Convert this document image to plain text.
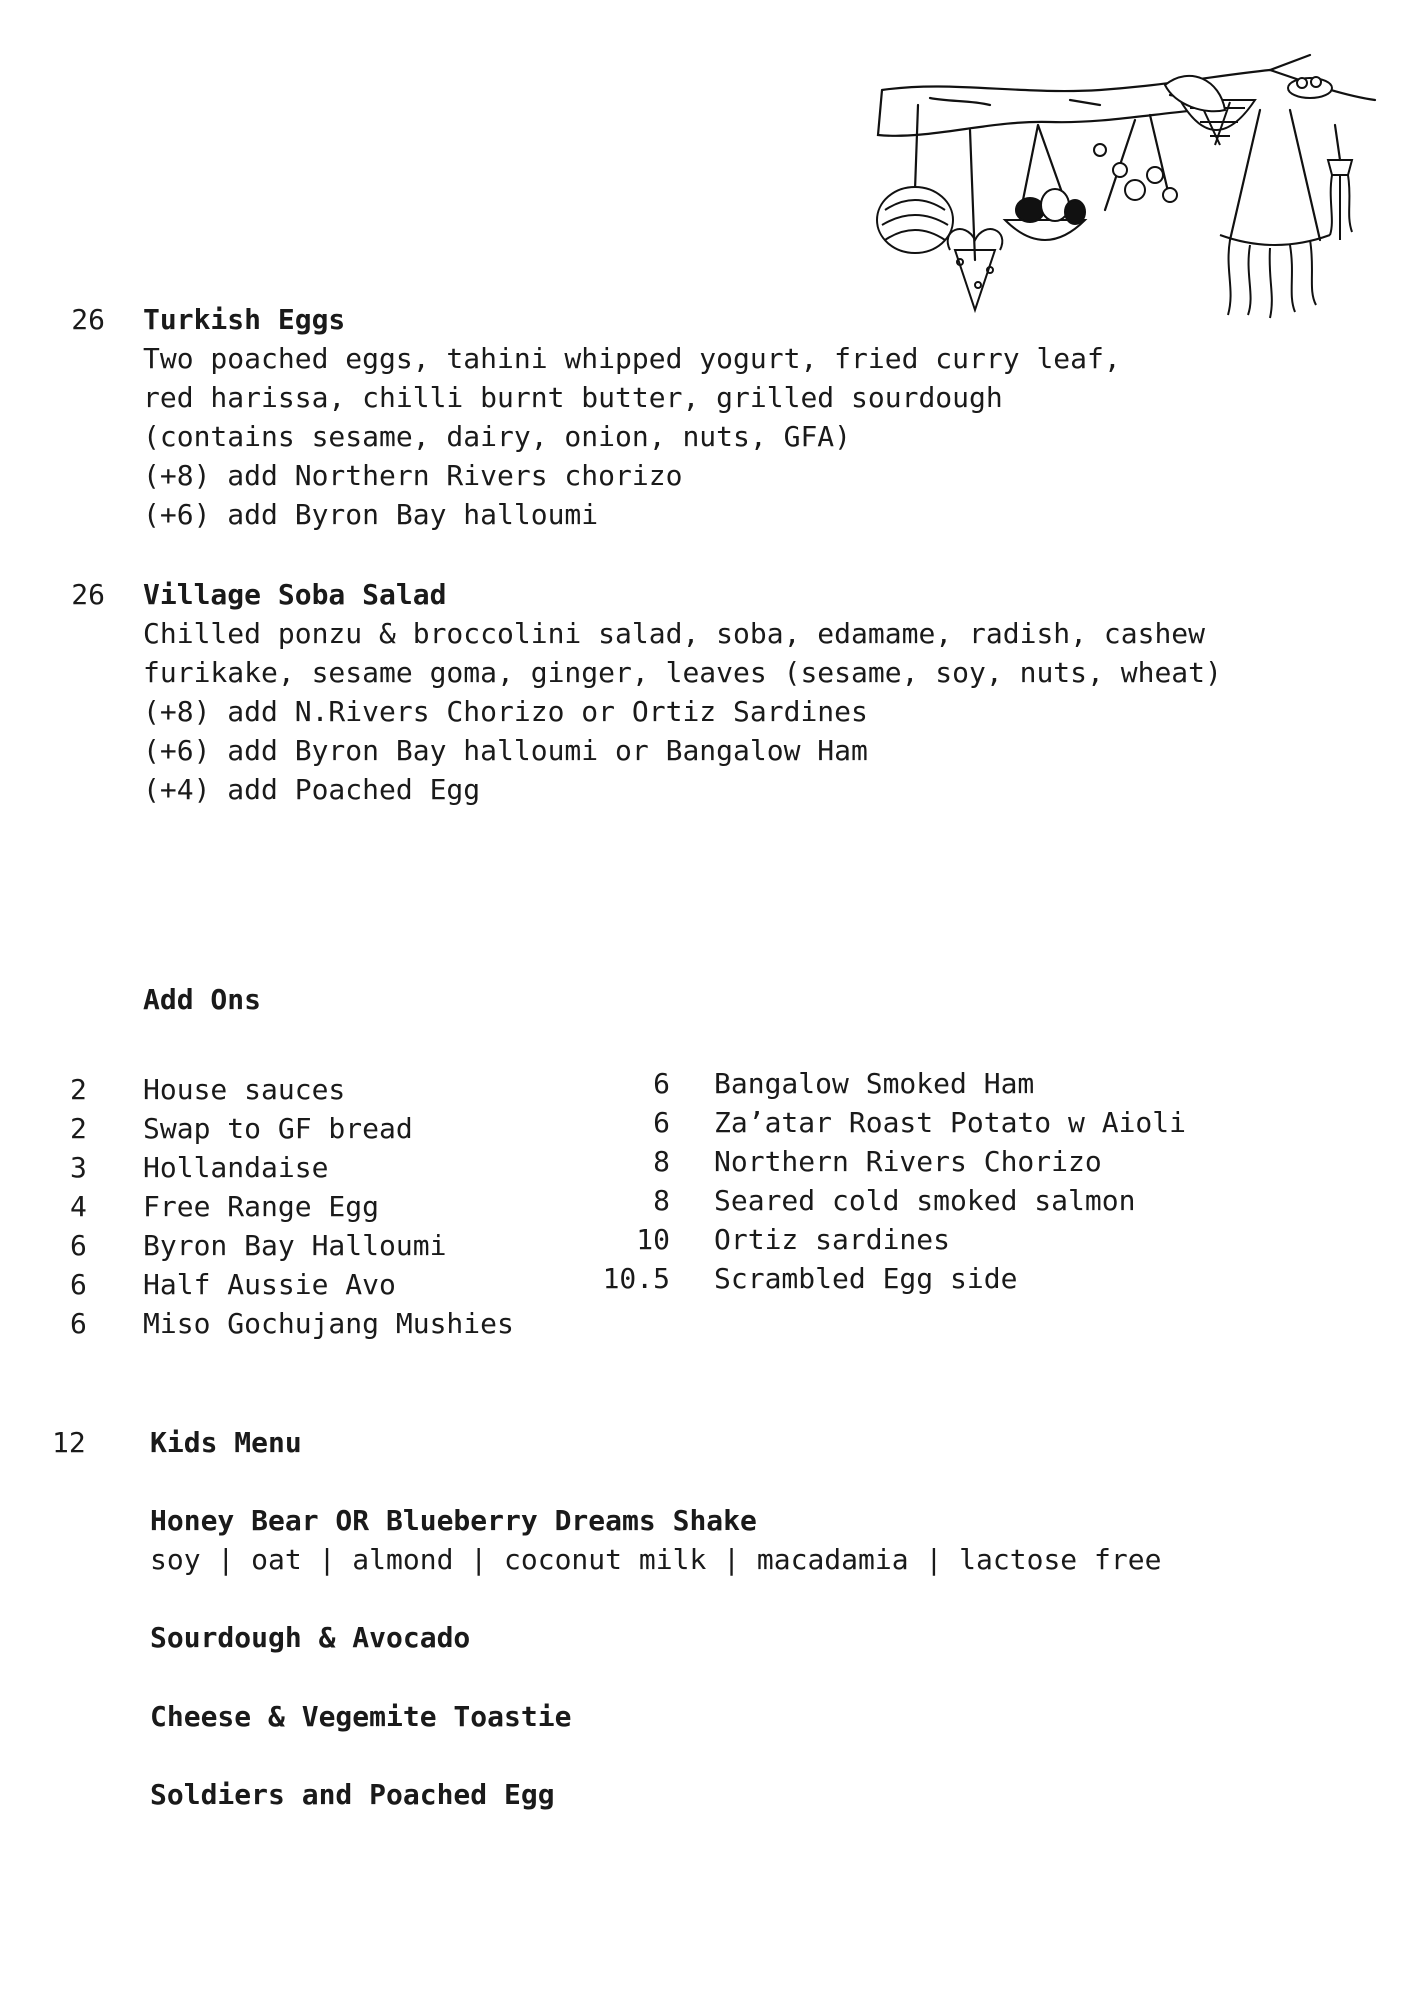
26 Turkish Eggs
Two poached eggs, tahini whipped yogurt, fried curry leaf,
red harissa, chilli burnt butter, grilled sourdough
(contains sesame, dairy, onion, nuts, GFA)
(+8) add Northern Rivers chorizo
(+6) add Byron Bay halloumi
26 Village Soba Salad
Chilled ponzu & broccolini salad, soba, edamame, radish, cashew
furikake, sesame goma, ginger, leaves (sesame, soy, nuts, wheat)
(+8) add N.Rivers Chorizo or Ortiz Sardines
(+6) add Byron Bay halloumi or Bangalow Ham
(+4) add Poached Egg
Add Ons
2 House sauces
2 Swap to GF bread
3 Hollandaise
4 Free Range Egg
6 Byron Bay Halloumi
6 Half Aussie Avo
6 Miso Gochujang Mushies
6 Bangalow Smoked Ham
6 Za’atar Roast Potato w Aioli
8 Northern Rivers Chorizo
8 Seared cold smoked salmon
10 Ortiz sardines
10.5 Scrambled Egg side
12 Kids Menu
Honey Bear OR Blueberry Dreams Shake
soy | oat | almond | coconut milk | macadamia | lactose free
Sourdough & Avocado
Cheese & Vegemite Toastie
Soldiers and Poached Egg
